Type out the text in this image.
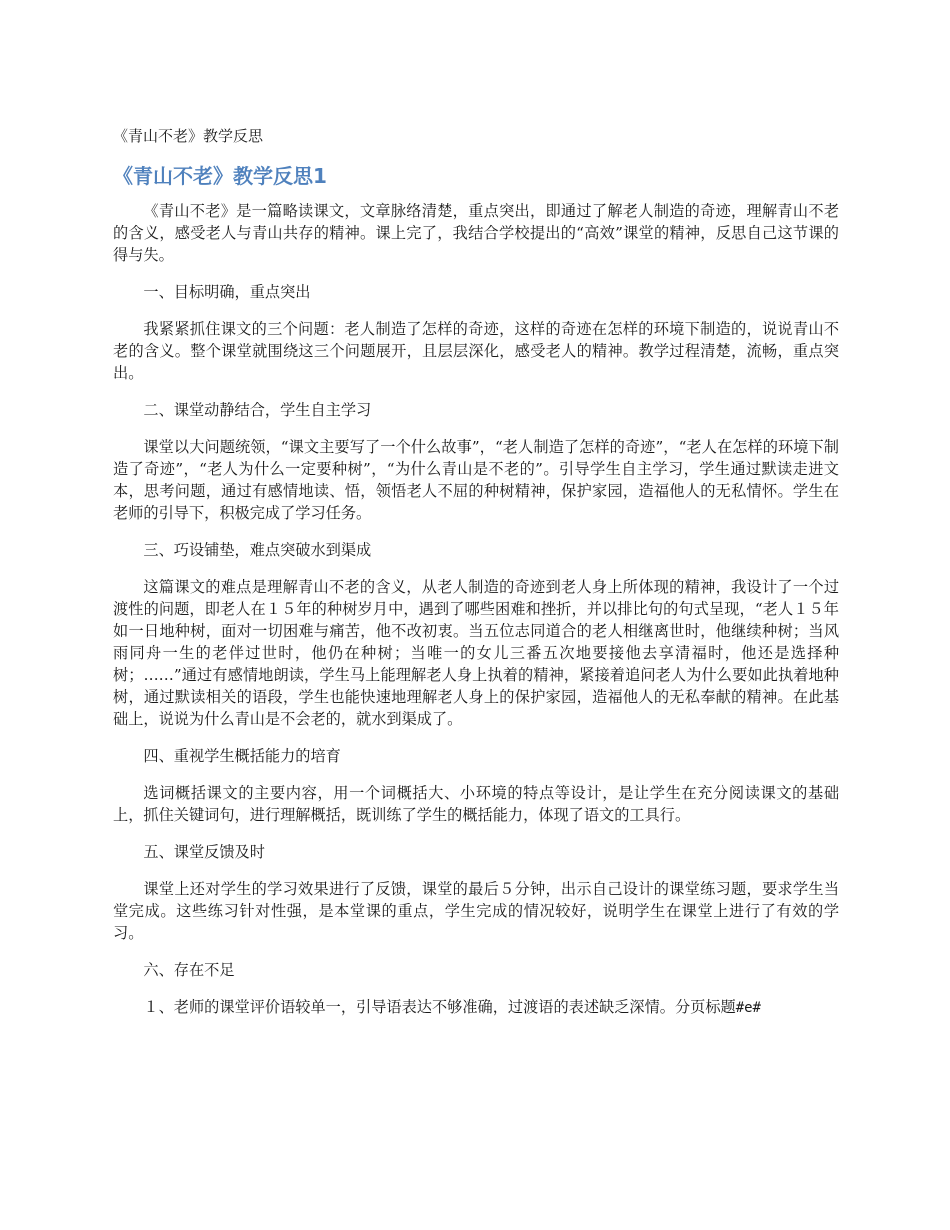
《青山不老》教学反思
《青山不老》教学反思1

《青山不老》是一篇略读课文，文章脉络清楚，重点突出，即通过了解老人制造的奇迹，理解青山不老的含义，感受老人与青山共存的精神。课上完了，我结合学校提出的“高效”课堂的精神，反思自己这节课的得与失。

一、目标明确，重点突出

我紧紧抓住课文的三个问题：老人制造了怎样的奇迹，这样的奇迹在怎样的环境下制造的，说说青山不老的含义。整个课堂就围绕这三个问题展开，且层层深化，感受老人的精神。教学过程清楚，流畅，重点突出。

二、课堂动静结合，学生自主学习

课堂以大问题统领，“课文主要写了一个什么故事”，“老人制造了怎样的奇迹”，“老人在怎样的环境下制造了奇迹”，“老人为什么一定要种树”，“为什么青山是不老的”。引导学生自主学习，学生通过默读走进文本，思考问题，通过有感情地读、悟，领悟老人不屈的种树精神，保护家园，造福他人的无私情怀。学生在老师的引导下，积极完成了学习任务。

三、巧设铺垫，难点突破水到渠成

这篇课文的难点是理解青山不老的含义，从老人制造的奇迹到老人身上所体现的精神，我设计了一个过渡性的问题，即老人在１５年的种树岁月中，遇到了哪些困难和挫折，并以排比句的句式呈现，“老人１５年如一日地种树，面对一切困难与痛苦，他不改初衷。当五位志同道合的老人相继离世时，他继续种树；当风雨同舟一生的老伴过世时，他仍在种树；当唯一的女儿三番五次地要接他去享清福时，他还是选择种树；……”通过有感情地朗读，学生马上能理解老人身上执着的精神，紧接着追问老人为什么要如此执着地种树，通过默读相关的语段，学生也能快速地理解老人身上的保护家园，造福他人的无私奉献的精神。在此基础上，说说为什么青山是不会老的，就水到渠成了。

四、重视学生概括能力的培育

选词概括课文的主要内容，用一个词概括大、小环境的特点等设计，是让学生在充分阅读课文的基础上，抓住关键词句，进行理解概括，既训练了学生的概括能力，体现了语文的工具行。

五、课堂反馈及时

课堂上还对学生的学习效果进行了反馈，课堂的最后５分钟，出示自己设计的课堂练习题，要求学生当堂完成。这些练习针对性强，是本堂课的重点，学生完成的情况较好，说明学生在课堂上进行了有效的学习。

六、存在不足

１、老师的课堂评价语较单一，引导语表达不够准确，过渡语的表述缺乏深情。分页标题#e#
